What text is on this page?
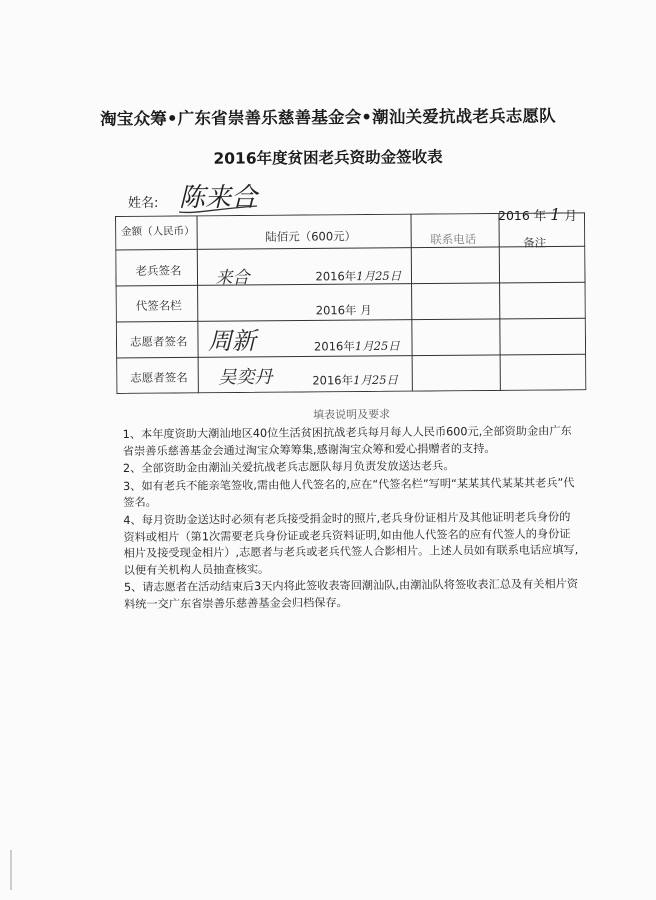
淘宝众筹•广东省崇善乐慈善基金会•潮汕关爱抗战老兵志愿队
2016年度贫困老兵资助金签收表
姓名: 陈来合
2016 年 1 月
金额（人民币）	陆佰元（600元）	联系电话	备注
老兵签名 来合	2016年1月25日
代签名栏	2016年 月
志愿者签名 周新	2016年1月25日
志愿者签名 吴奕丹	2016年1月25日
填表说明及要求

1、本年度资助大潮汕地区40位生活贫困抗战老兵每月每人人民币600元,全部资助金由广东省崇善乐慈善基金会通过淘宝众筹筹集,感谢淘宝众筹和爱心捐赠者的支持。

2、全部资助金由潮汕关爱抗战老兵志愿队每月负责发放送达老兵。

3、如有老兵不能亲笔签收,需由他人代签名的,应在“代签名栏”写明“某某其代某某其老兵”代签名。

4、每月资助金送达时必须有老兵接受捐金时的照片,老兵身份证相片及其他证明老兵身份的资料或相片（第1次需要老兵身份证或老兵资料证明,如由他人代签名的应有代签人的身份证相片及接受现金相片）,志愿者与老兵或老兵代签人合影相片。上述人员如有联系电话应填写,以便有关机构人员抽查核实。

5、请志愿者在活动结束后3天内将此签收表寄回潮汕队,由潮汕队将签收表汇总及有关相片资料统一交广东省崇善乐慈善基金会归档保存。
